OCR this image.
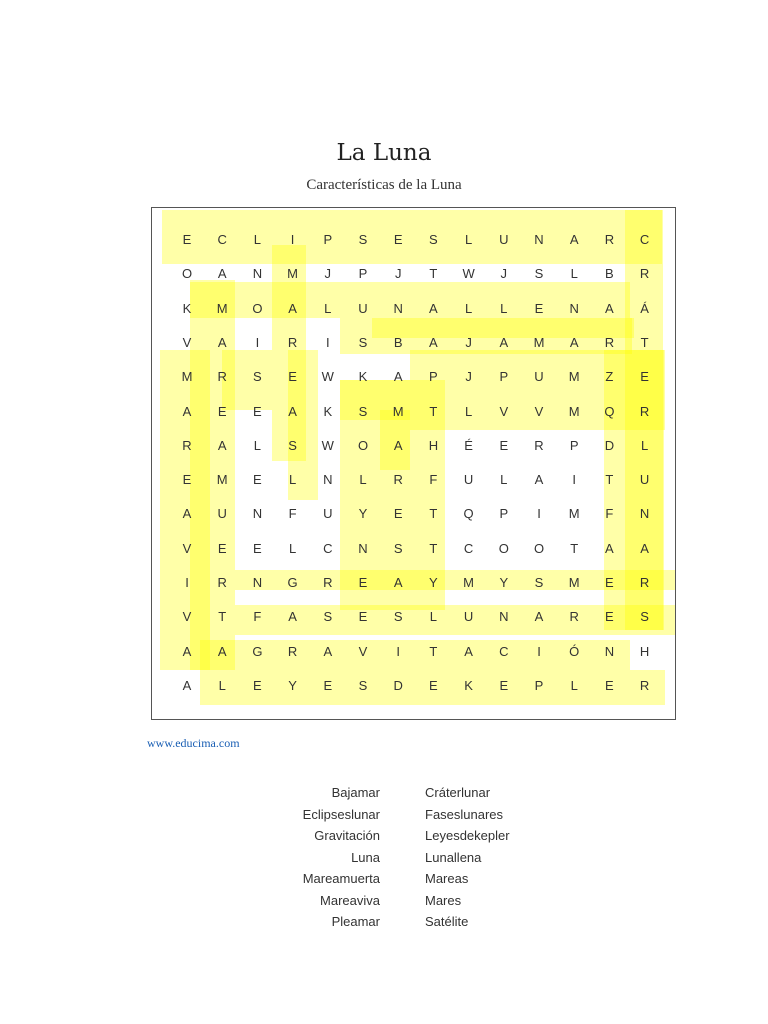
La Luna
Características de la Luna
E	C	L	I	P	S	E	S	L	U	N	A	R	C
O	A	N	M	J	P	J	T	W	J	S	L	B	R
K	M	O	A	L	U	N	A	L	L	E	N	A	Á
V	A	I	R	I	S	B	A	J	A	M	A	R	T
M	R	S	E	W	K	A	P	J	P	U	M	Z	E
A	E	E	A	K	S	M	T	L	V	V	M	Q	R
R	A	L	S	W	O	A	H	É	E	R	P	D	L
E	M	E	L	N	L	R	F	U	L	A	I	T	U
A	U	N	F	U	Y	E	T	Q	P	I	M	F	N
V	E	E	L	C	N	S	T	C	O	O	T	A	A
I	R	N	G	R	E	A	Y	M	Y	S	M	E	R
V	T	F	A	S	E	S	L	U	N	A	R	E	S
A	A	G	R	A	V	I	T	A	C	I	Ó	N	H
A	L	E	Y	E	S	D	E	K	E	P	L	E	R
www.educima.com
Bajamar
Eclipseslunar
Gravitación
Luna
Mareamuerta
Mareaviva
Pleamar
Cráterlunar
Faseslunares
Leyesdekepler
Lunallena
Mareas
Mares
Satélite
